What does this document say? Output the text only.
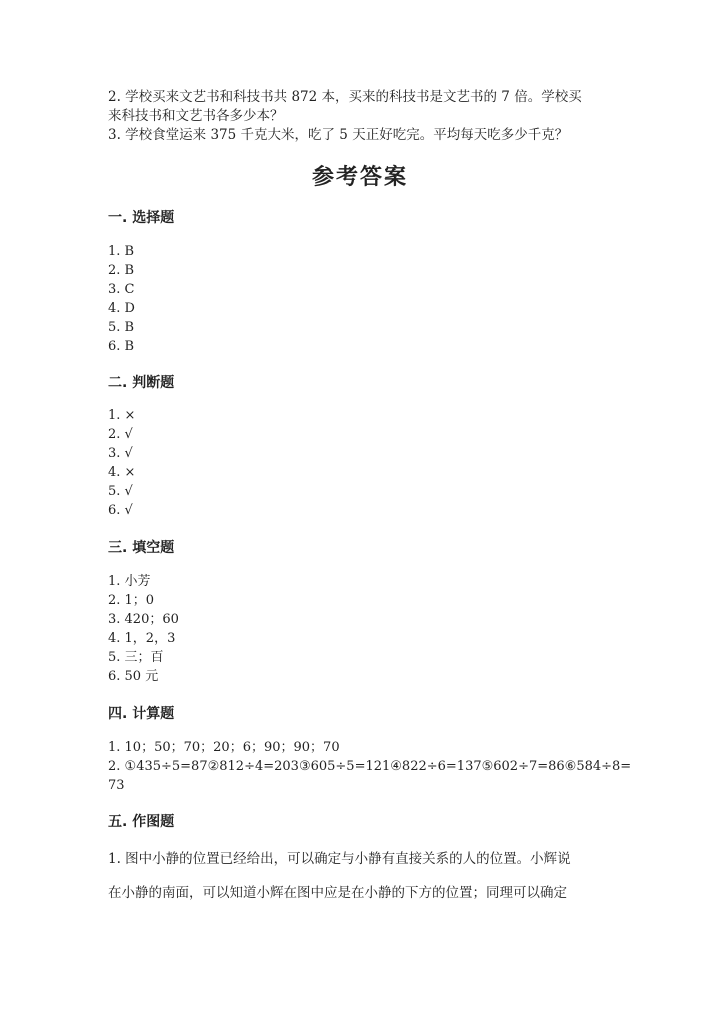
2. 学校买来文艺书和科技书共 872 本，买来的科技书是文艺书的 7 倍。学校买
来科技书和文艺书各多少本？
3. 学校食堂运来 375 千克大米，吃了 5 天正好吃完。平均每天吃多少千克？
参考答案
一. 选择题
1. B
2. B
3. C
4. D
5. B
6. B
二. 判断题
1. ×
2. √
3. √
4. ×
5. √
6. √
三. 填空题
1. 小芳
2. 1；0
3. 420；60
4. 1，2，3
5. 三；百
6. 50 元
四. 计算题
1. 10；50；70；20；6；90；90；70
2. ①435÷5=87②812÷4=203③605÷5=121④822÷6=137⑤602÷7=86⑥584÷8=
73
五. 作图题
1. 图中小静的位置已经给出，可以确定与小静有直接关系的人的位置。小辉说
在小静的南面，可以知道小辉在图中应是在小静的下方的位置；同理可以确定
